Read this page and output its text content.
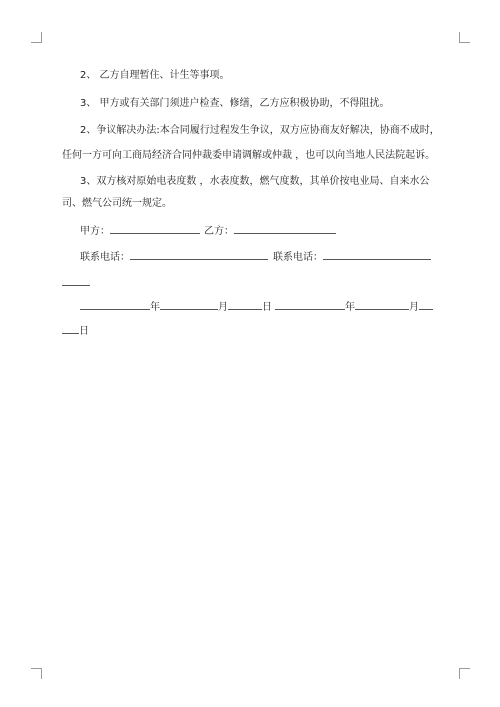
2、 乙方自理暂住、计生等事项。
3、 甲方或有关部门须进户检查、修缮，乙方应积极协助，不得阻扰。
2、争议解决办法:本合同履行过程发生争议，双方应协商友好解决，协商不成时，
任何一方可向工商局经济合同仲裁委申请调解或仲裁 ，也可以向当地人民法院起诉。
3、双方核对原始电表度数 ，水表度数，燃气度数，其单价按电业局、自来水公
司、燃气公司统一规定。
甲方：	乙方：
联系电话：	联系电话：
年	月	日	年	月
日
